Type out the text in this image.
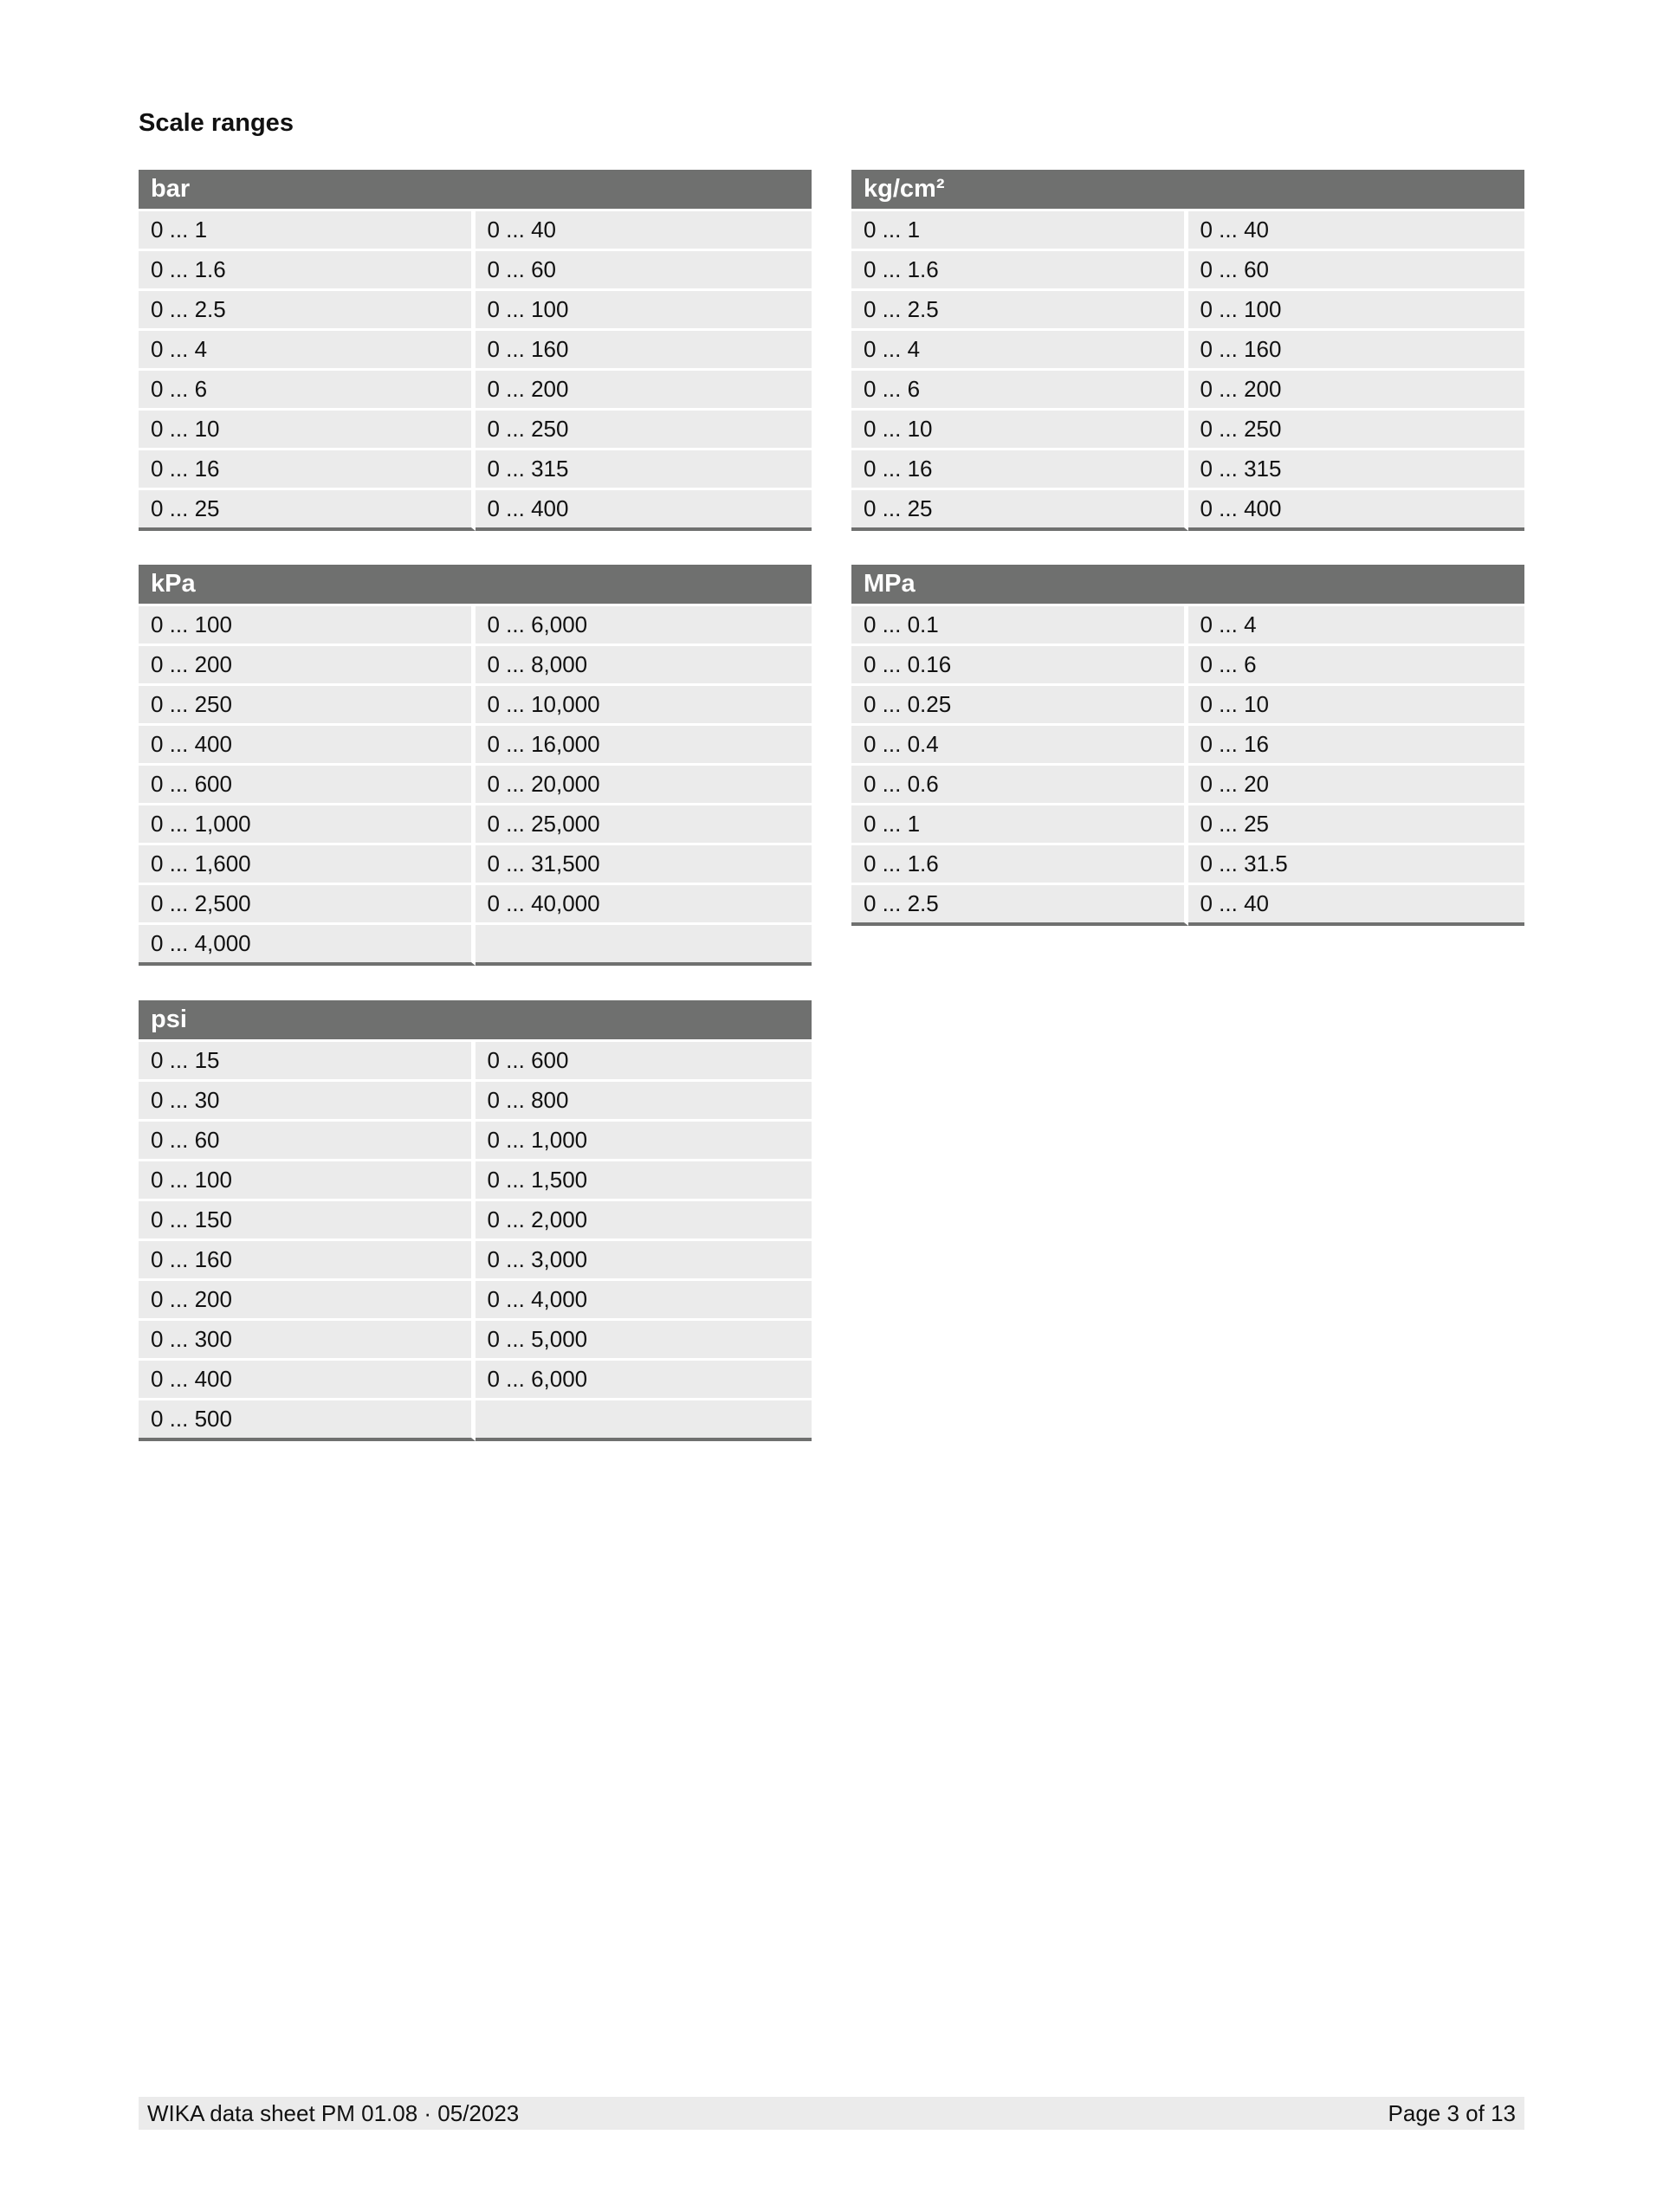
Scale ranges
bar	
0 ... 1	0 ... 40
0 ... 1.6	0 ... 60
0 ... 2.5	0 ... 100
0 ... 4	0 ... 160
0 ... 6	0 ... 200
0 ... 10	0 ... 250
0 ... 16	0 ... 315
0 ... 25	0 ... 400
kg/cm²	
0 ... 1	0 ... 40
0 ... 1.6	0 ... 60
0 ... 2.5	0 ... 100
0 ... 4	0 ... 160
0 ... 6	0 ... 200
0 ... 10	0 ... 250
0 ... 16	0 ... 315
0 ... 25	0 ... 400
kPa	
0 ... 100	0 ... 6,000
0 ... 200	0 ... 8,000
0 ... 250	0 ... 10,000
0 ... 400	0 ... 16,000
0 ... 600	0 ... 20,000
0 ... 1,000	0 ... 25,000
0 ... 1,600	0 ... 31,500
0 ... 2,500	0 ... 40,000
0 ... 4,000	
MPa	
0 ... 0.1	0 ... 4
0 ... 0.16	0 ... 6
0 ... 0.25	0 ... 10
0 ... 0.4	0 ... 16
0 ... 0.6	0 ... 20
0 ... 1	0 ... 25
0 ... 1.6	0 ... 31.5
0 ... 2.5	0 ... 40
psi	
0 ... 15	0 ... 600
0 ... 30	0 ... 800
0 ... 60	0 ... 1,000
0 ... 100	0 ... 1,500
0 ... 150	0 ... 2,000
0 ... 160	0 ... 3,000
0 ... 200	0 ... 4,000
0 ... 300	0 ... 5,000
0 ... 400	0 ... 6,000
0 ... 500	
WIKA data sheet PM 01.08 · 05/2023	Page 3 of 13
